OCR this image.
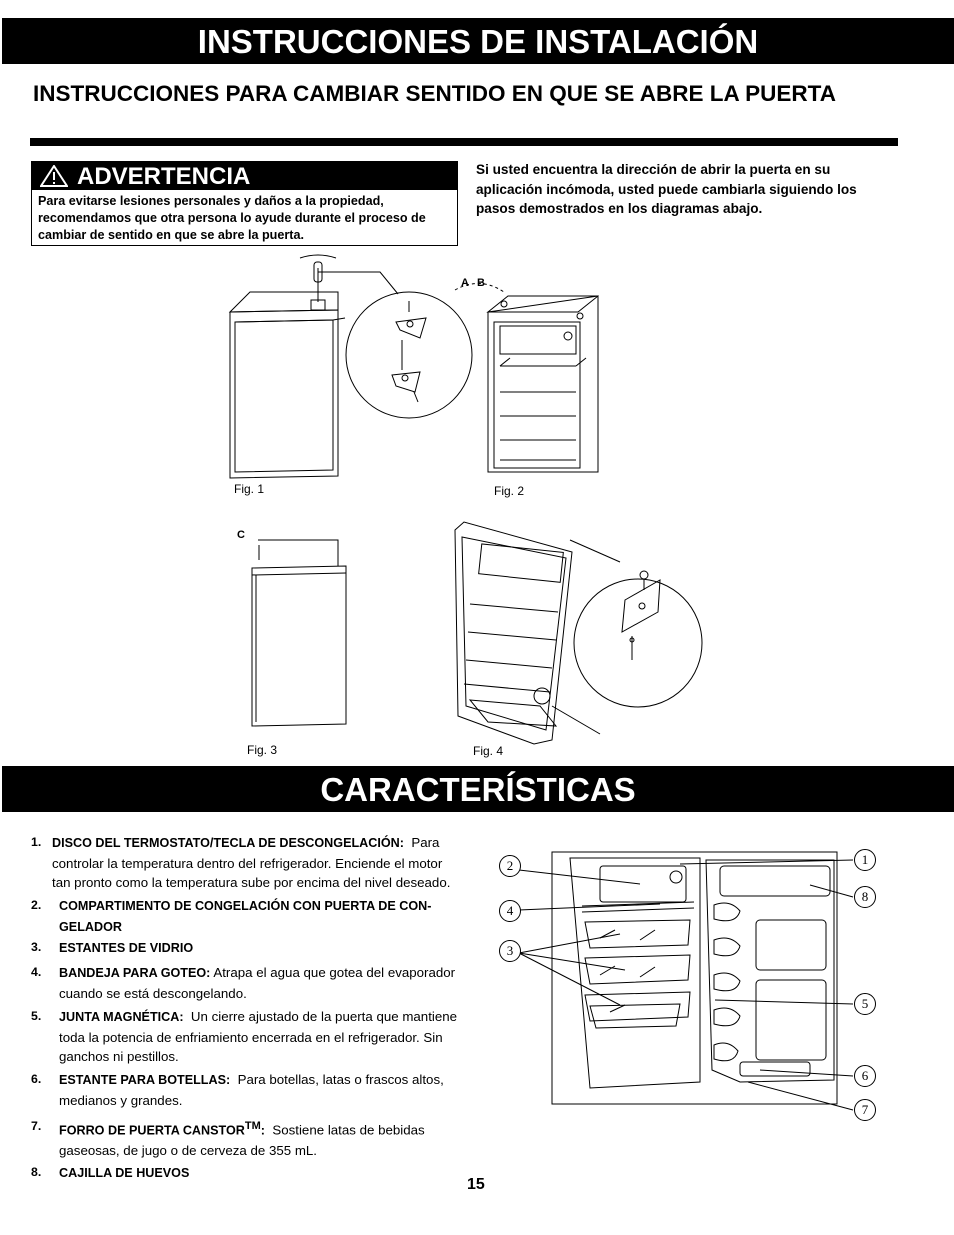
INSTRUCCIONES DE INSTALACIÓN
INSTRUCCIONES PARA CAMBIAR SENTIDO EN QUE SE ABRE LA PUERTA
ADVERTENCIA
Para evitarse lesiones personales y daños a la propiedad, recomendamos que otra persona lo ayude durante el proceso de cambiar de sentido en que se abre la puerta.
Si usted encuentra la dirección de abrir la puerta en su aplicación incómoda, usted puede cambiarla siguiendo los pasos demostrados en los diagramas abajo.
Fig. 1	Fig. 2
Fig. 3	Fig. 4
A B
C
CARACTERÍSTICAS
1. DISCO DEL TERMOSTATO/TECLA DE DESCONGELACIÓN: Para controlar la temperatura dentro del refrigerador. Enciende el motor tan pronto como la temperatura sube por encima del nivel deseado.
2. COMPARTIMENTO DE CONGELACIÓN CON PUERTA DE CON-GELADOR
3. ESTANTES DE VIDRIO
4. BANDEJA PARA GOTEO: Atrapa el agua que gotea del evaporador cuando se está descongelando.
5. JUNTA MAGNÉTICA: Un cierre ajustado de la puerta que mantiene toda la potencia de enfriamiento encerrada en el refrigerador. Sin ganchos ni pestillos.
6. ESTANTE PARA BOTELLAS: Para botellas, latas o frascos altos, medianos y grandes.
7. FORRO DE PUERTA CANSTOR™: Sostiene latas de bebidas gaseosas, de jugo o de cerveza de 355 mL.
8. CAJILLA DE HUEVOS
2
4
3
1
8
5
6
7
15
